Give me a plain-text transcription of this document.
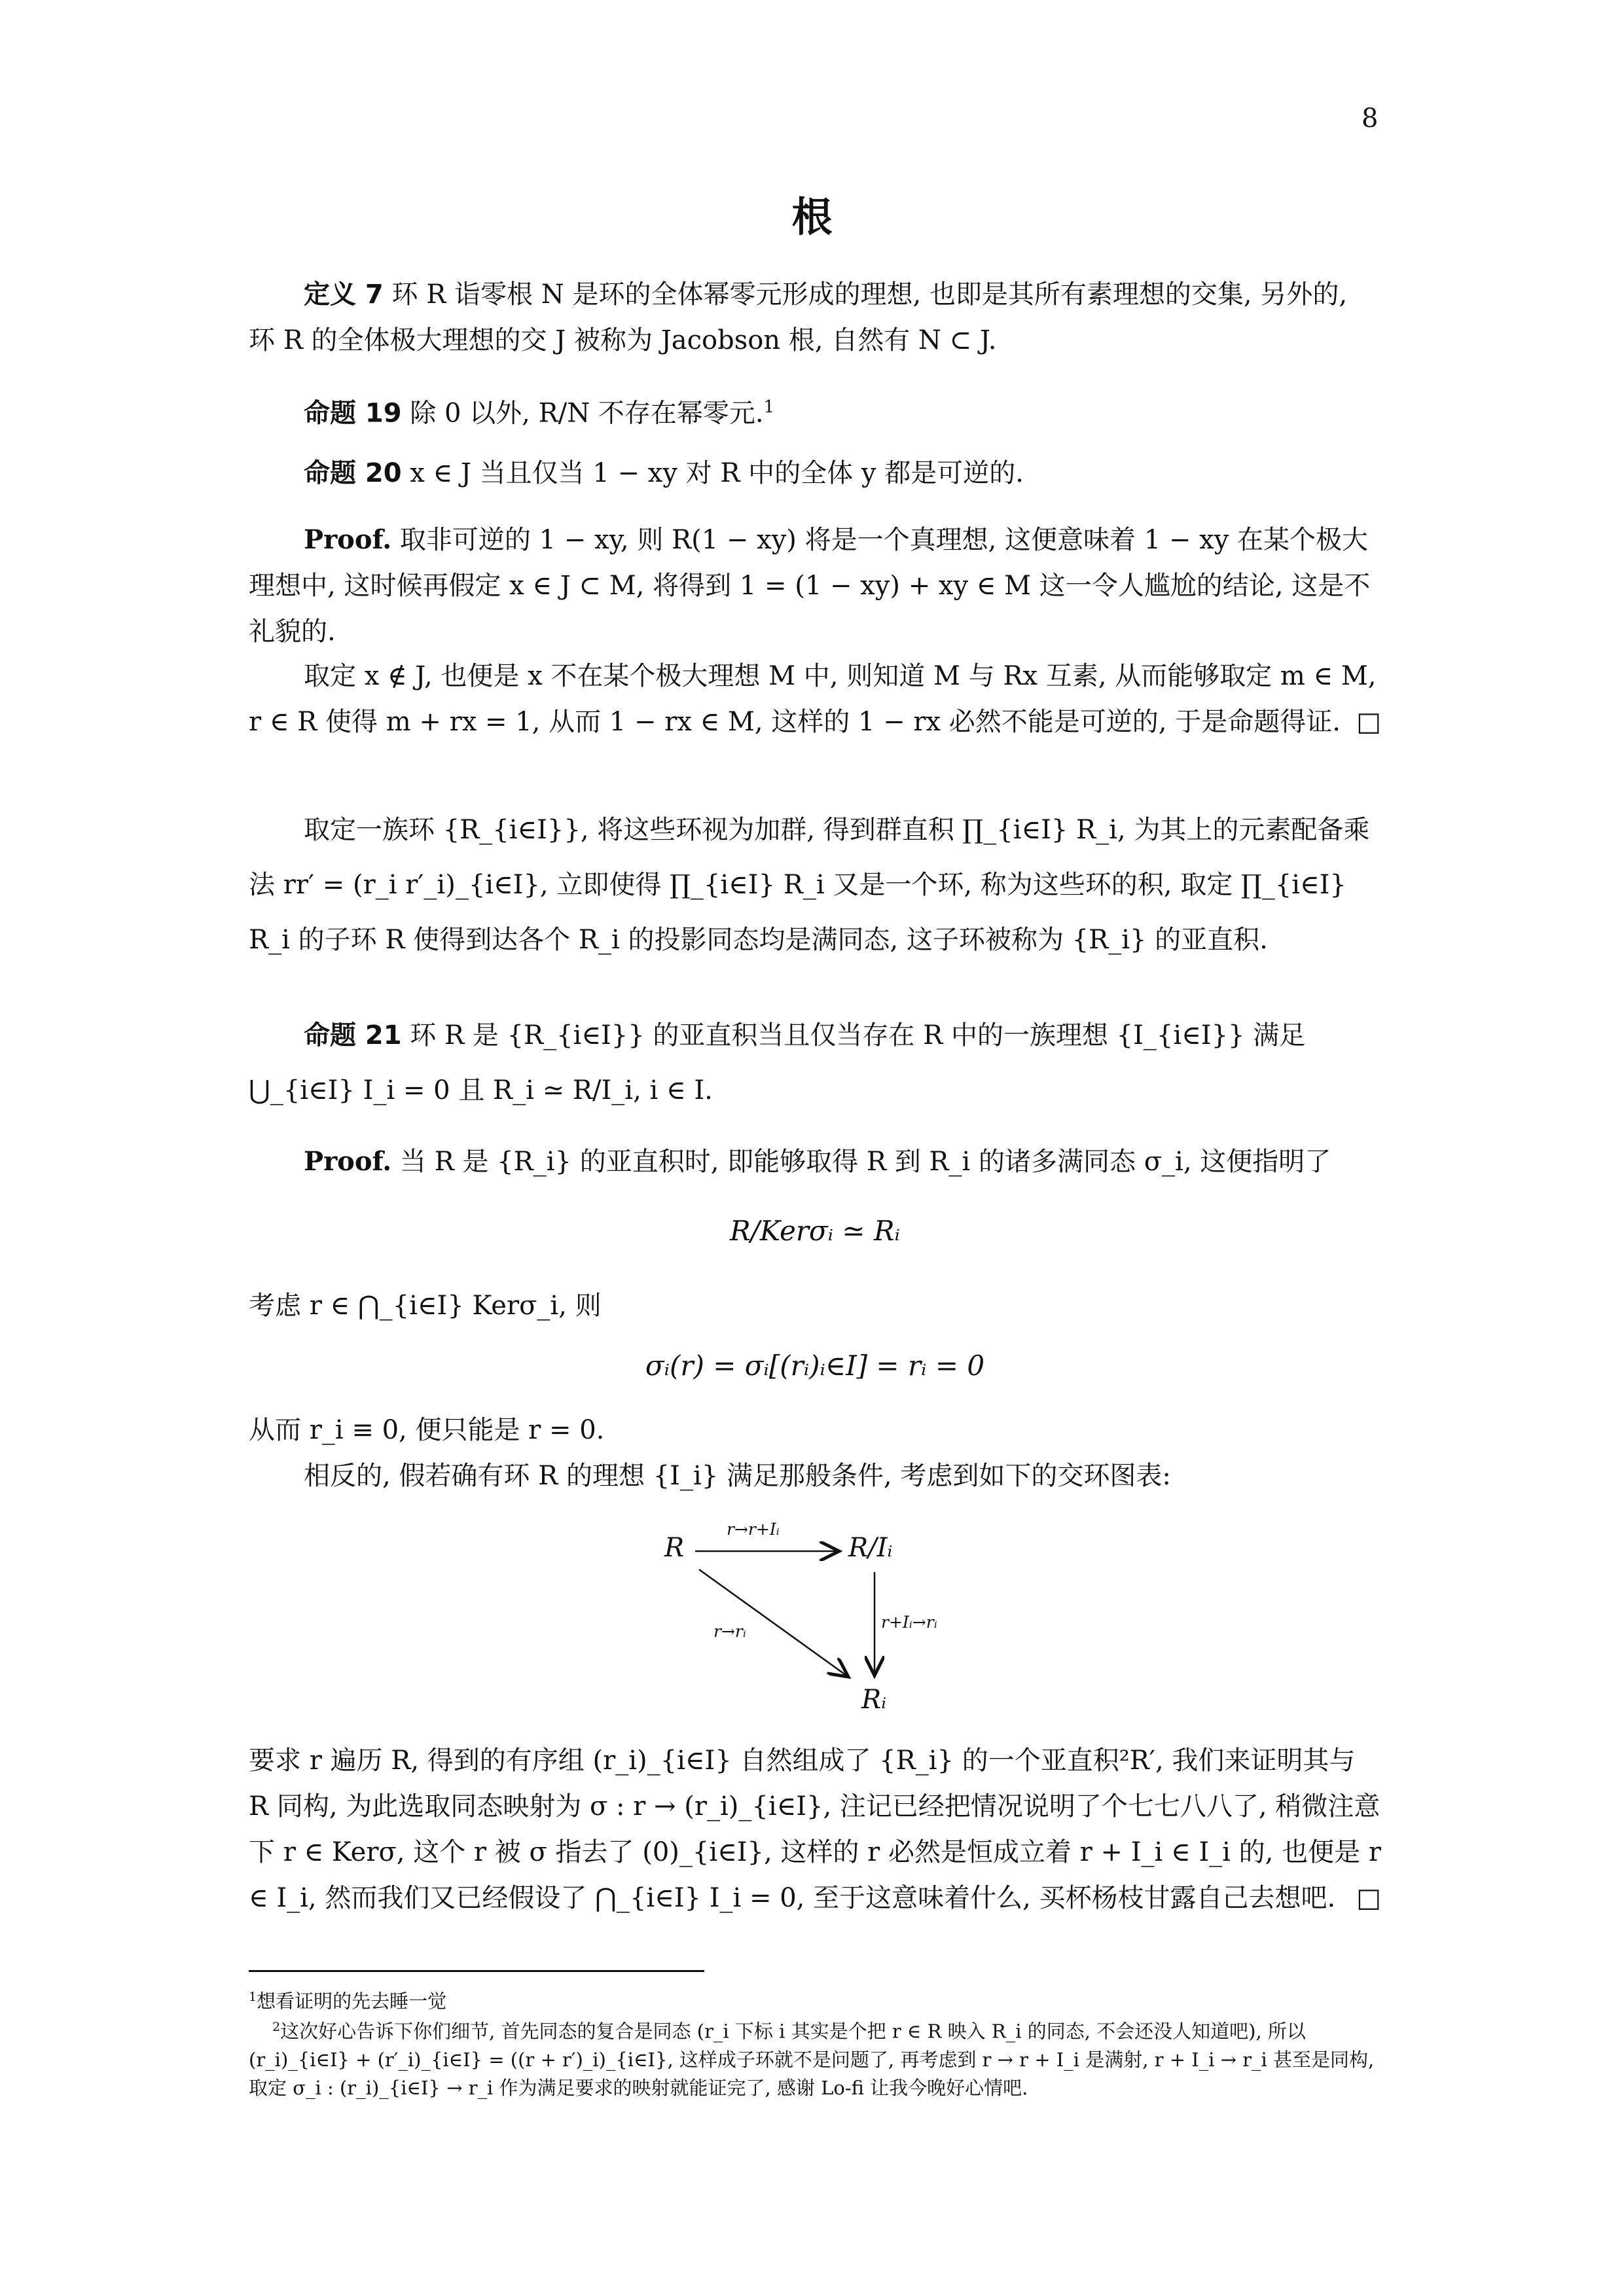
8
根
定义 7 环 R 诣零根 N 是环的全体幂零元形成的理想, 也即是其所有素理想的交集, 另外的, 环 R 的全体极大理想的交 J 被称为 Jacobson 根, 自然有 N ⊂ J.
命题 19 除 0 以外, R/N 不存在幂零元.$^1$
命题 20 x ∈ J 当且仅当 1 − xy 对 R 中的全体 y 都是可逆的.
Proof. 取非可逆的 1 − xy, 则 R(1 − xy) 将是一个真理想, 这便意味着 1 − xy 在某个极大理想中, 这时候再假定 x ∈ J ⊂ M, 将得到 1 = (1 − xy) + xy ∈ M 这一令人尴尬的结论, 这是不礼貌的.
取定 x ∉ J, 也便是 x 不在某个极大理想 M 中, 则知道 M 与 Rx 互素, 从而能够取定 m ∈ M, r ∈ R 使得 m + rx = 1, 从而 1 − rx ∈ M, 这样的 1 − rx 必然不能是可逆的, 于是命题得证. □
取定一族环 {R_{i∈I}}, 将这些环视为加群, 得到群直积 ∏_{i∈I} R_i, 为其上的元素配备乘法 rr′ = (r_i r′_i)_{i∈I}, 立即使得 ∏_{i∈I} R_i 又是一个环, 称为这些环的积, 取定 ∏_{i∈I} R_i 的子环 R 使得到达各个 R_i 的投影同态均是满同态, 这子环被称为 {R_i} 的亚直积.
命题 21 环 R 是 {R_{i∈I}} 的亚直积当且仅当存在 R 中的一族理想 {I_{i∈I}} 满足 ⋃_{i∈I} I_i = 0 且 R_i ≃ R/I_i, i ∈ I.
Proof. 当 R 是 {R_i} 的亚直积时, 即能够取得 R 到 R_i 的诸多满同态 σ_i, 这便指明了
R/Kerσᵢ ≃ Rᵢ
考虑 r ∈ ⋂_{i∈I} Kerσ_i, 则
σᵢ(r) = σᵢ[(rᵢ)ᵢ∈I] = rᵢ = 0
从而 r_i ≡ 0, 便只能是 r = 0.
相反的, 假若确有环 R 的理想 {I_i} 满足那般条件, 考虑到如下的交环图表:
R	R/Iᵢ
Rᵢ
r→r+Iᵢ
r→rᵢ	r+Iᵢ→rᵢ
要求 r 遍历 R, 得到的有序组 (r_i)_{i∈I} 自然组成了 {R_i} 的一个亚直积²R′, 我们来证明其与 R 同构, 为此选取同态映射为 σ : r → (r_i)_{i∈I}, 注记已经把情况说明了个七七八八了, 稍微注意下 r ∈ Kerσ, 这个 r 被 σ 指去了 (0)_{i∈I}, 这样的 r 必然是恒成立着 r + I_i ∈ I_i 的, 也便是 r ∈ I_i, 然而我们又已经假设了 ⋂_{i∈I} I_i = 0, 至于这意味着什么, 买杯杨枝甘露自己去想吧. □
$^1$想看证明的先去睡一觉
$^2$这次好心告诉下你们细节, 首先同态的复合是同态 (r_i 下标 i 其实是个把 r ∈ R 映入 R_i 的同态, 不会还没人知道吧), 所以 (r_i)_{i∈I} + (r′_i)_{i∈I} = ((r + r′)_i)_{i∈I}, 这样成子环就不是问题了, 再考虑到 r → r + I_i 是满射, r + I_i → r_i 甚至是同构, 取定 σ_i : (r_i)_{i∈I} → r_i 作为满足要求的映射就能证完了, 感谢 Lo-fi 让我今晚好心情吧.
